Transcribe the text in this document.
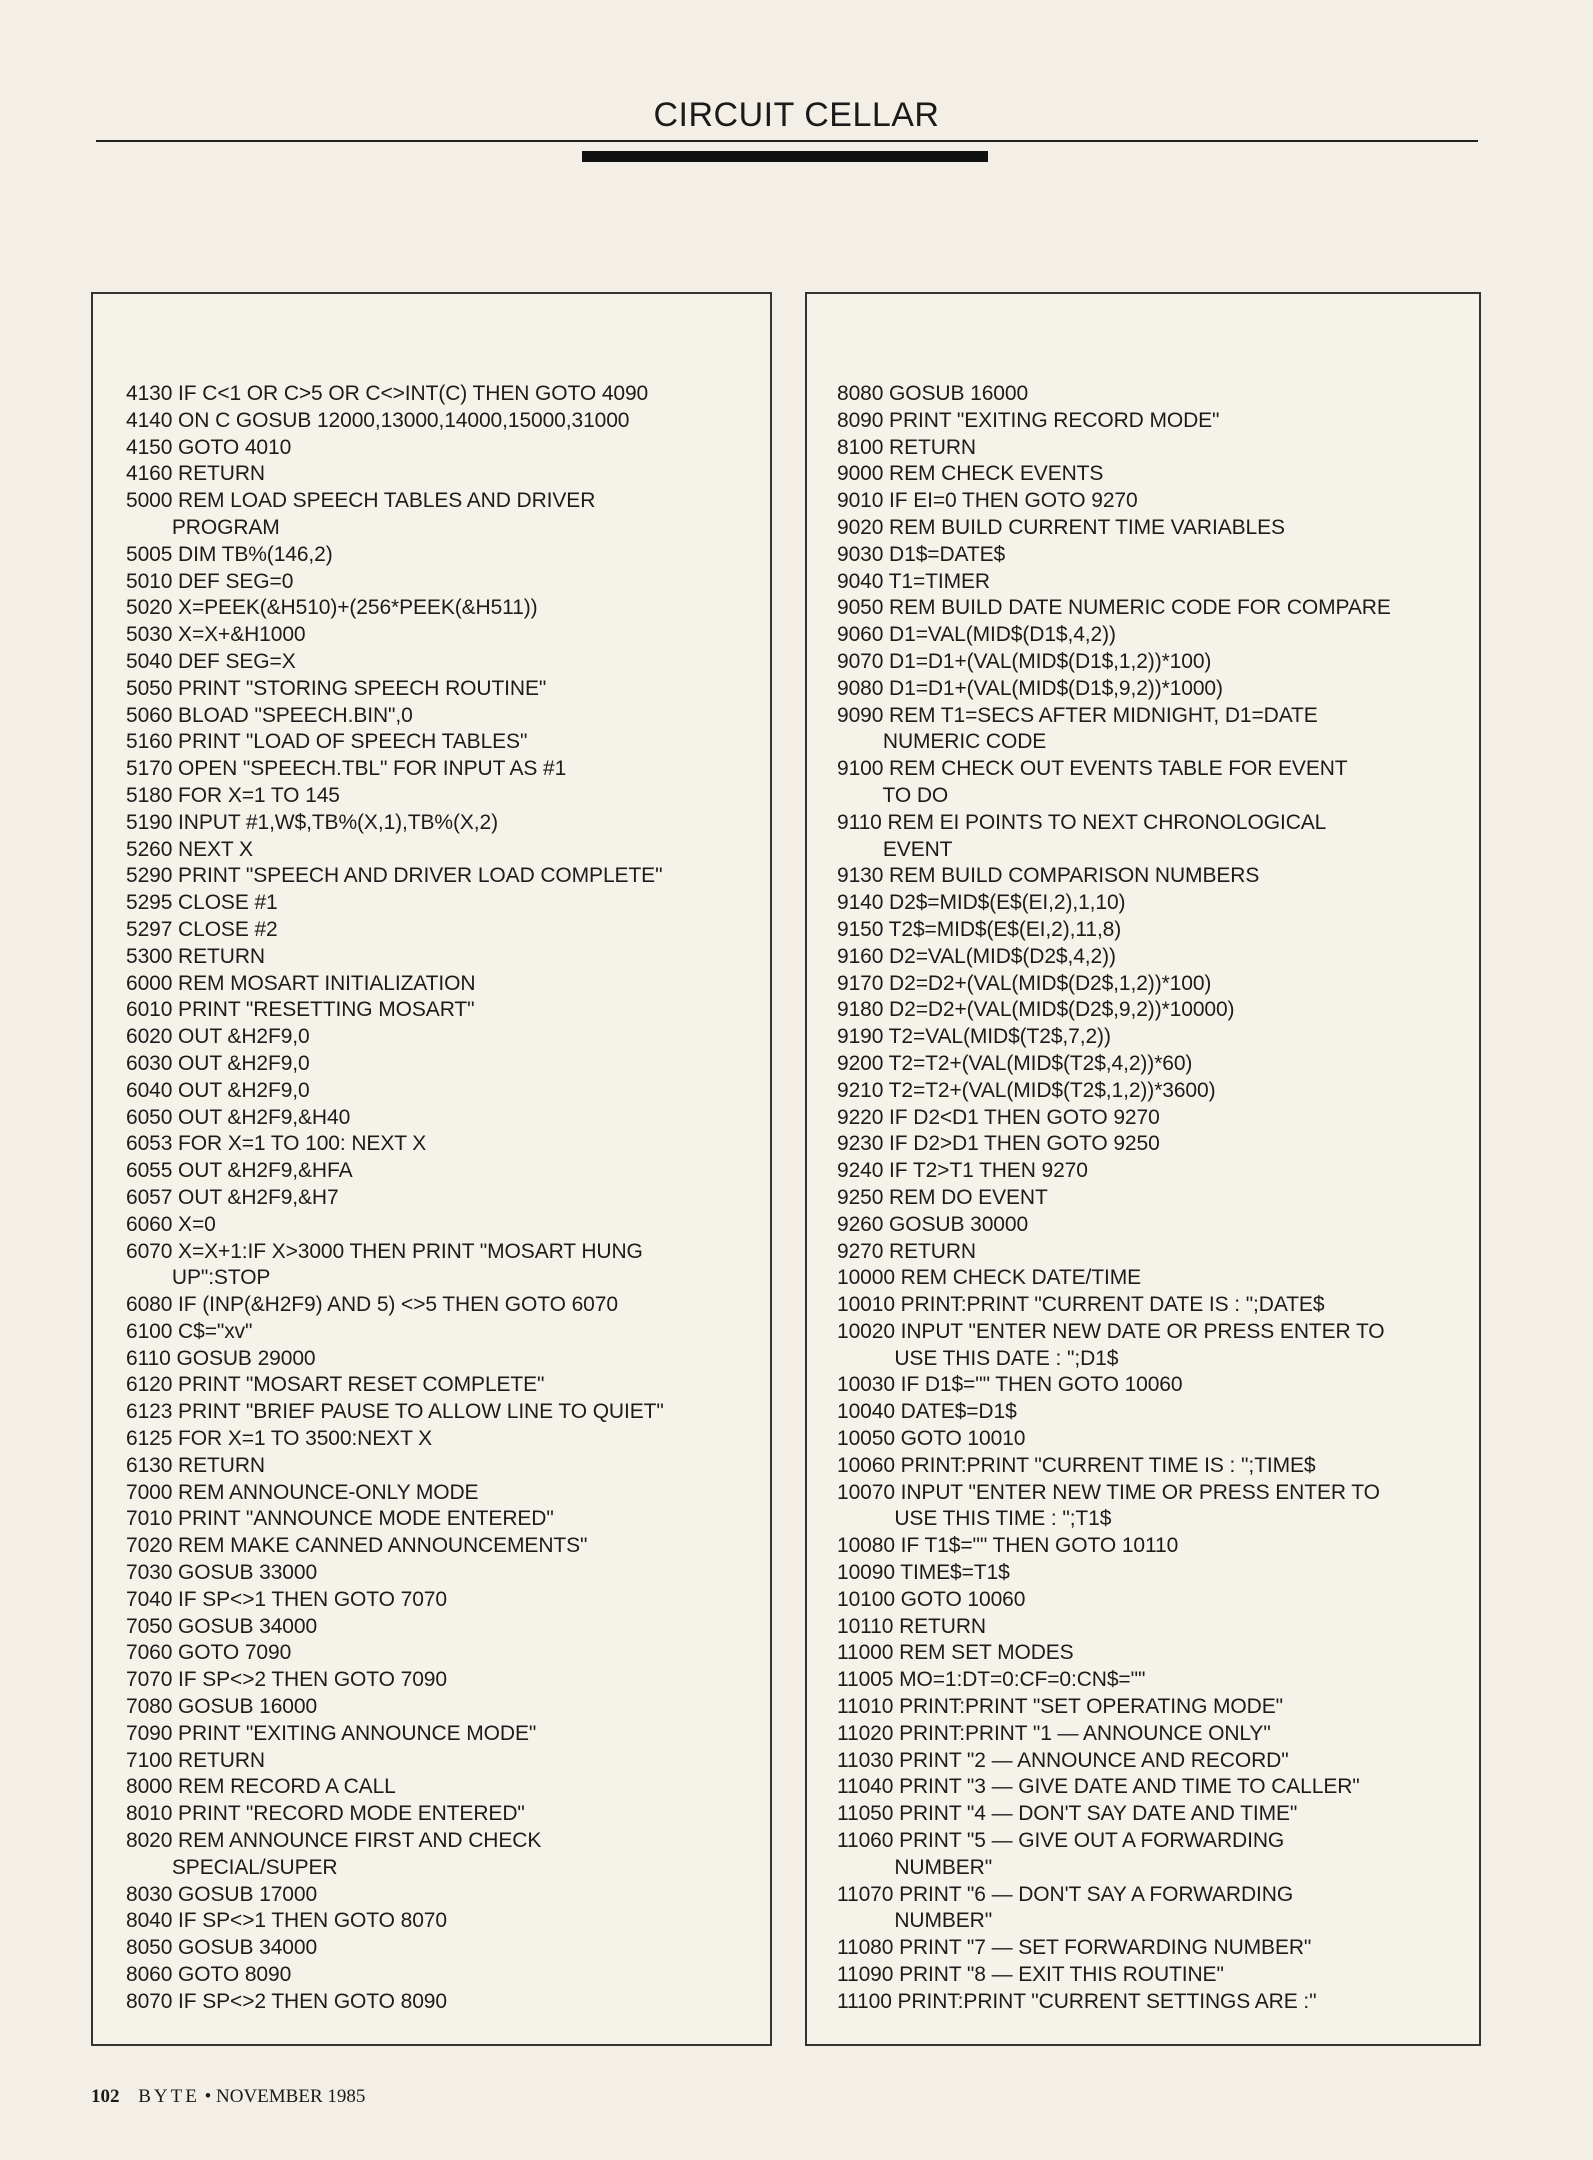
CIRCUIT CELLAR
4130 IF C<1 OR C>5 OR C<>INT(C) THEN GOTO 4090
4140 ON C GOSUB 12000,13000,14000,15000,31000
4150 GOTO 4010
4160 RETURN
5000 REM LOAD SPEECH TABLES AND DRIVER
PROGRAM
5005 DIM TB%(146,2)
5010 DEF SEG=0
5020 X=PEEK(&H510)+(256*PEEK(&H511))
5030 X=X+&H1000
5040 DEF SEG=X
5050 PRINT "STORING SPEECH ROUTINE"
5060 BLOAD "SPEECH.BIN",0
5160 PRINT "LOAD OF SPEECH TABLES"
5170 OPEN "SPEECH.TBL" FOR INPUT AS #1
5180 FOR X=1 TO 145
5190 INPUT #1,W$,TB%(X,1),TB%(X,2)
5260 NEXT X
5290 PRINT "SPEECH AND DRIVER LOAD COMPLETE"
5295 CLOSE #1
5297 CLOSE #2
5300 RETURN
6000 REM MOSART INITIALIZATION
6010 PRINT "RESETTING MOSART"
6020 OUT &H2F9,0
6030 OUT &H2F9,0
6040 OUT &H2F9,0
6050 OUT &H2F9,&H40
6053 FOR X=1 TO 100: NEXT X
6055 OUT &H2F9,&HFA
6057 OUT &H2F9,&H7
6060 X=0
6070 X=X+1:IF X>3000 THEN PRINT "MOSART HUNG
UP":STOP
6080 IF (INP(&H2F9) AND 5) <>5 THEN GOTO 6070
6100 C$="xv"
6110 GOSUB 29000
6120 PRINT "MOSART RESET COMPLETE"
6123 PRINT "BRIEF PAUSE TO ALLOW LINE TO QUIET"
6125 FOR X=1 TO 3500:NEXT X
6130 RETURN
7000 REM ANNOUNCE-ONLY MODE
7010 PRINT "ANNOUNCE MODE ENTERED"
7020 REM MAKE CANNED ANNOUNCEMENTS"
7030 GOSUB 33000
7040 IF SP<>1 THEN GOTO 7070
7050 GOSUB 34000
7060 GOTO 7090
7070 IF SP<>2 THEN GOTO 7090
7080 GOSUB 16000
7090 PRINT "EXITING ANNOUNCE MODE"
7100 RETURN
8000 REM RECORD A CALL
8010 PRINT "RECORD MODE ENTERED"
8020 REM ANNOUNCE FIRST AND CHECK
SPECIAL/SUPER
8030 GOSUB 17000
8040 IF SP<>1 THEN GOTO 8070
8050 GOSUB 34000
8060 GOTO 8090
8070 IF SP<>2 THEN GOTO 8090
8080 GOSUB 16000
8090 PRINT "EXITING RECORD MODE"
8100 RETURN
9000 REM CHECK EVENTS
9010 IF EI=0 THEN GOTO 9270
9020 REM BUILD CURRENT TIME VARIABLES
9030 D1$=DATE$
9040 T1=TIMER
9050 REM BUILD DATE NUMERIC CODE FOR COMPARE
9060 D1=VAL(MID$(D1$,4,2))
9070 D1=D1+(VAL(MID$(D1$,1,2))*100)
9080 D1=D1+(VAL(MID$(D1$,9,2))*1000)
9090 REM T1=SECS AFTER MIDNIGHT, D1=DATE
NUMERIC CODE
9100 REM CHECK OUT EVENTS TABLE FOR EVENT
TO DO
9110 REM EI POINTS TO NEXT CHRONOLOGICAL
EVENT
9130 REM BUILD COMPARISON NUMBERS
9140 D2$=MID$(E$(EI,2),1,10)
9150 T2$=MID$(E$(EI,2),11,8)
9160 D2=VAL(MID$(D2$,4,2))
9170 D2=D2+(VAL(MID$(D2$,1,2))*100)
9180 D2=D2+(VAL(MID$(D2$,9,2))*10000)
9190 T2=VAL(MID$(T2$,7,2))
9200 T2=T2+(VAL(MID$(T2$,4,2))*60)
9210 T2=T2+(VAL(MID$(T2$,1,2))*3600)
9220 IF D2<D1 THEN GOTO 9270
9230 IF D2>D1 THEN GOTO 9250
9240 IF T2>T1 THEN 9270
9250 REM DO EVENT
9260 GOSUB 30000
9270 RETURN
10000 REM CHECK DATE/TIME
10010 PRINT:PRINT "CURRENT DATE IS : ";DATE$
10020 INPUT "ENTER NEW DATE OR PRESS ENTER TO
USE THIS DATE : ";D1$
10030 IF D1$="" THEN GOTO 10060
10040 DATE$=D1$
10050 GOTO 10010
10060 PRINT:PRINT "CURRENT TIME IS : ";TIME$
10070 INPUT "ENTER NEW TIME OR PRESS ENTER TO
USE THIS TIME : ";T1$
10080 IF T1$="" THEN GOTO 10110
10090 TIME$=T1$
10100 GOTO 10060
10110 RETURN
11000 REM SET MODES
11005 MO=1:DT=0:CF=0:CN$=""
11010 PRINT:PRINT "SET OPERATING MODE"
11020 PRINT:PRINT "1 — ANNOUNCE ONLY"
11030 PRINT "2 — ANNOUNCE AND RECORD"
11040 PRINT "3 — GIVE DATE AND TIME TO CALLER"
11050 PRINT "4 — DON'T SAY DATE AND TIME"
11060 PRINT "5 — GIVE OUT A FORWARDING
NUMBER"
11070 PRINT "6 — DON'T SAY A FORWARDING
NUMBER"
11080 PRINT "7 — SET FORWARDING NUMBER"
11090 PRINT "8 — EXIT THIS ROUTINE"
11100 PRINT:PRINT "CURRENT SETTINGS ARE :"
102 BYTE • NOVEMBER 1985
